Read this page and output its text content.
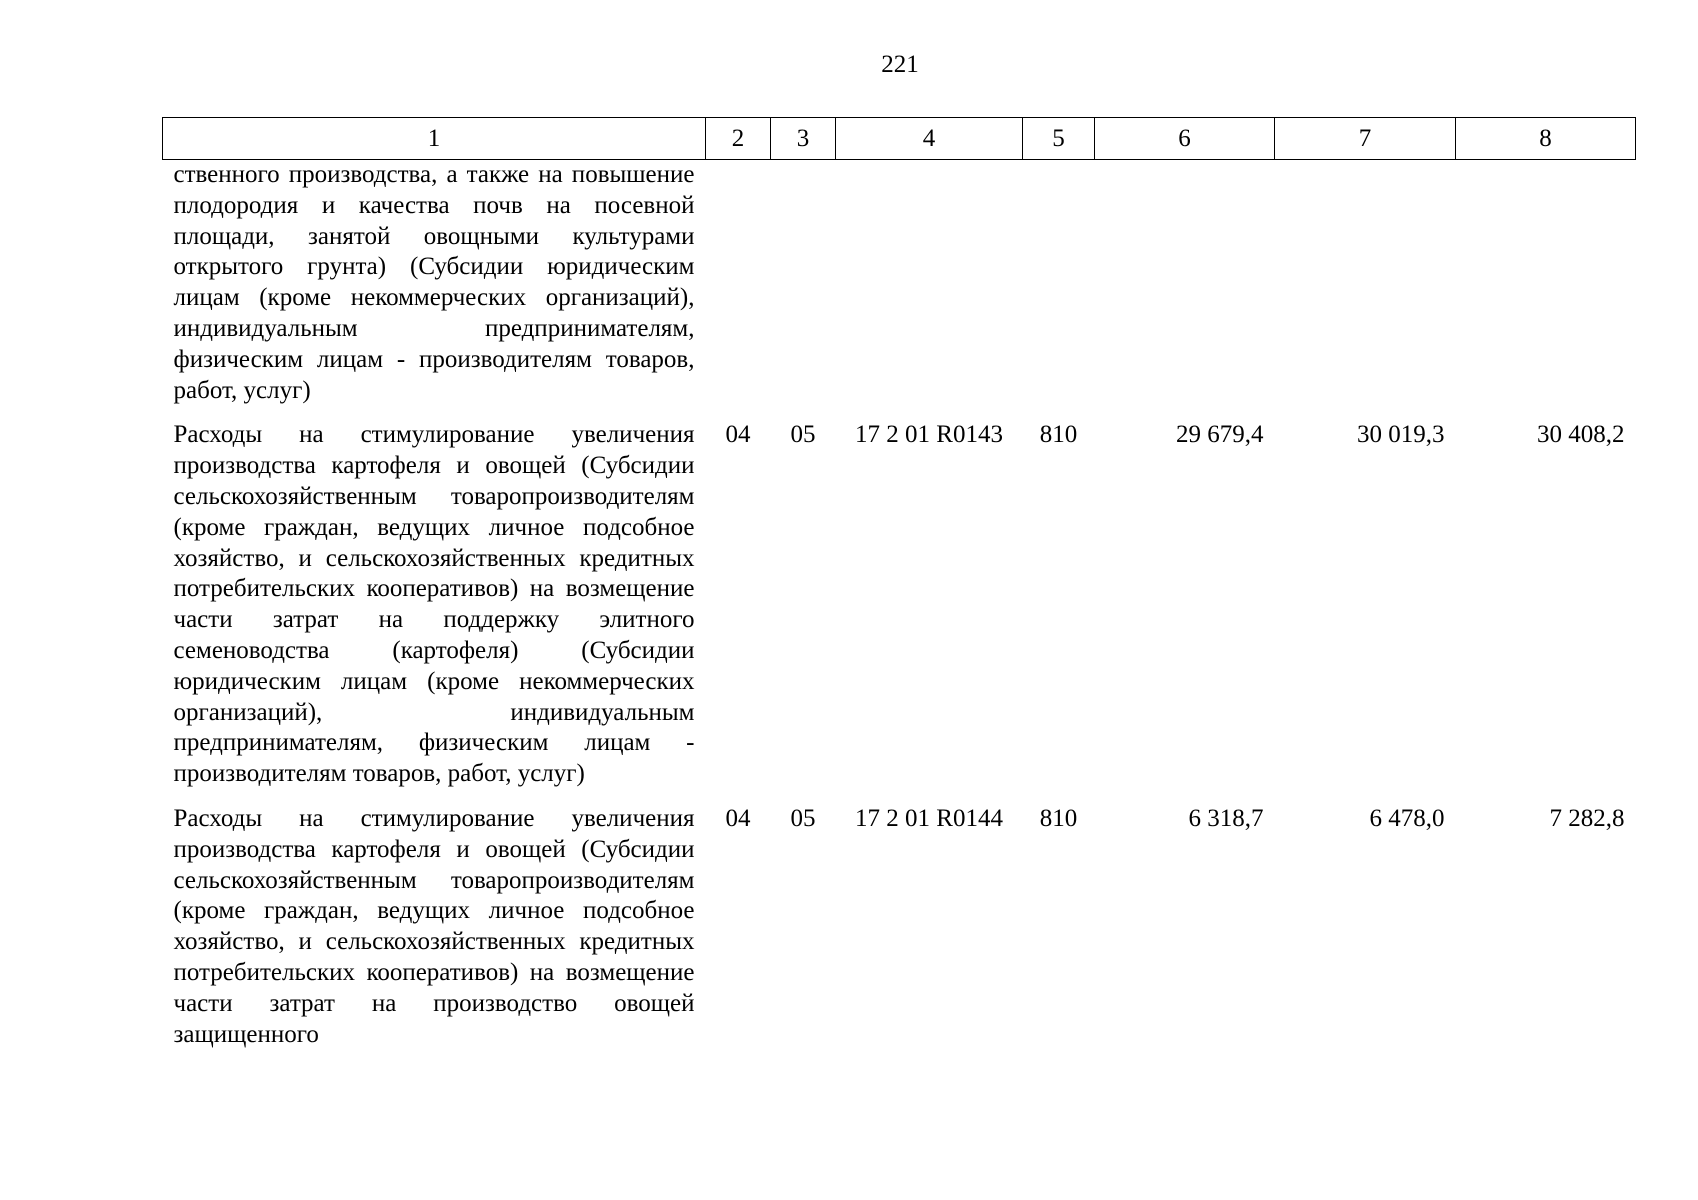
221
1	2	3	4	5	6	7	8
ственного производства, а также на повышение плодородия и качества почв на посевной площади, занятой овощными культурами открытого грунта) (Субсидии юридическим лицам (кроме некоммерческих организаций), индивидуальным предпринимателям, физическим лицам - производителям товаров, работ, услуг)							

Расходы на стимулирование увеличения производства картофеля и овощей (Субсидии сельскохозяйственным товаропроизводителям (кроме граждан, ведущих личное подсобное хозяйство, и сельскохозяйственных кредитных потребительских кооперативов) на возмещение части затрат на поддержку элитного семеноводства (картофеля) (Субсидии юридическим лицам (кроме некоммерческих организаций), индивидуальным предпринимателям, физическим лицам - производителям товаров, работ, услуг)	04	05	17 2 01 R0143	810	29 679,4	30 019,3	30 408,2

Расходы на стимулирование увеличения производства картофеля и овощей (Субсидии сельскохозяйственным товаропроизводителям (кроме граждан, ведущих личное подсобное хозяйство, и сельскохозяйственных кредитных потребительских кооперативов) на возмещение части затрат на производство овощей защищенного	04	05	17 2 01 R0144	810	6 318,7	6 478,0	7 282,8
